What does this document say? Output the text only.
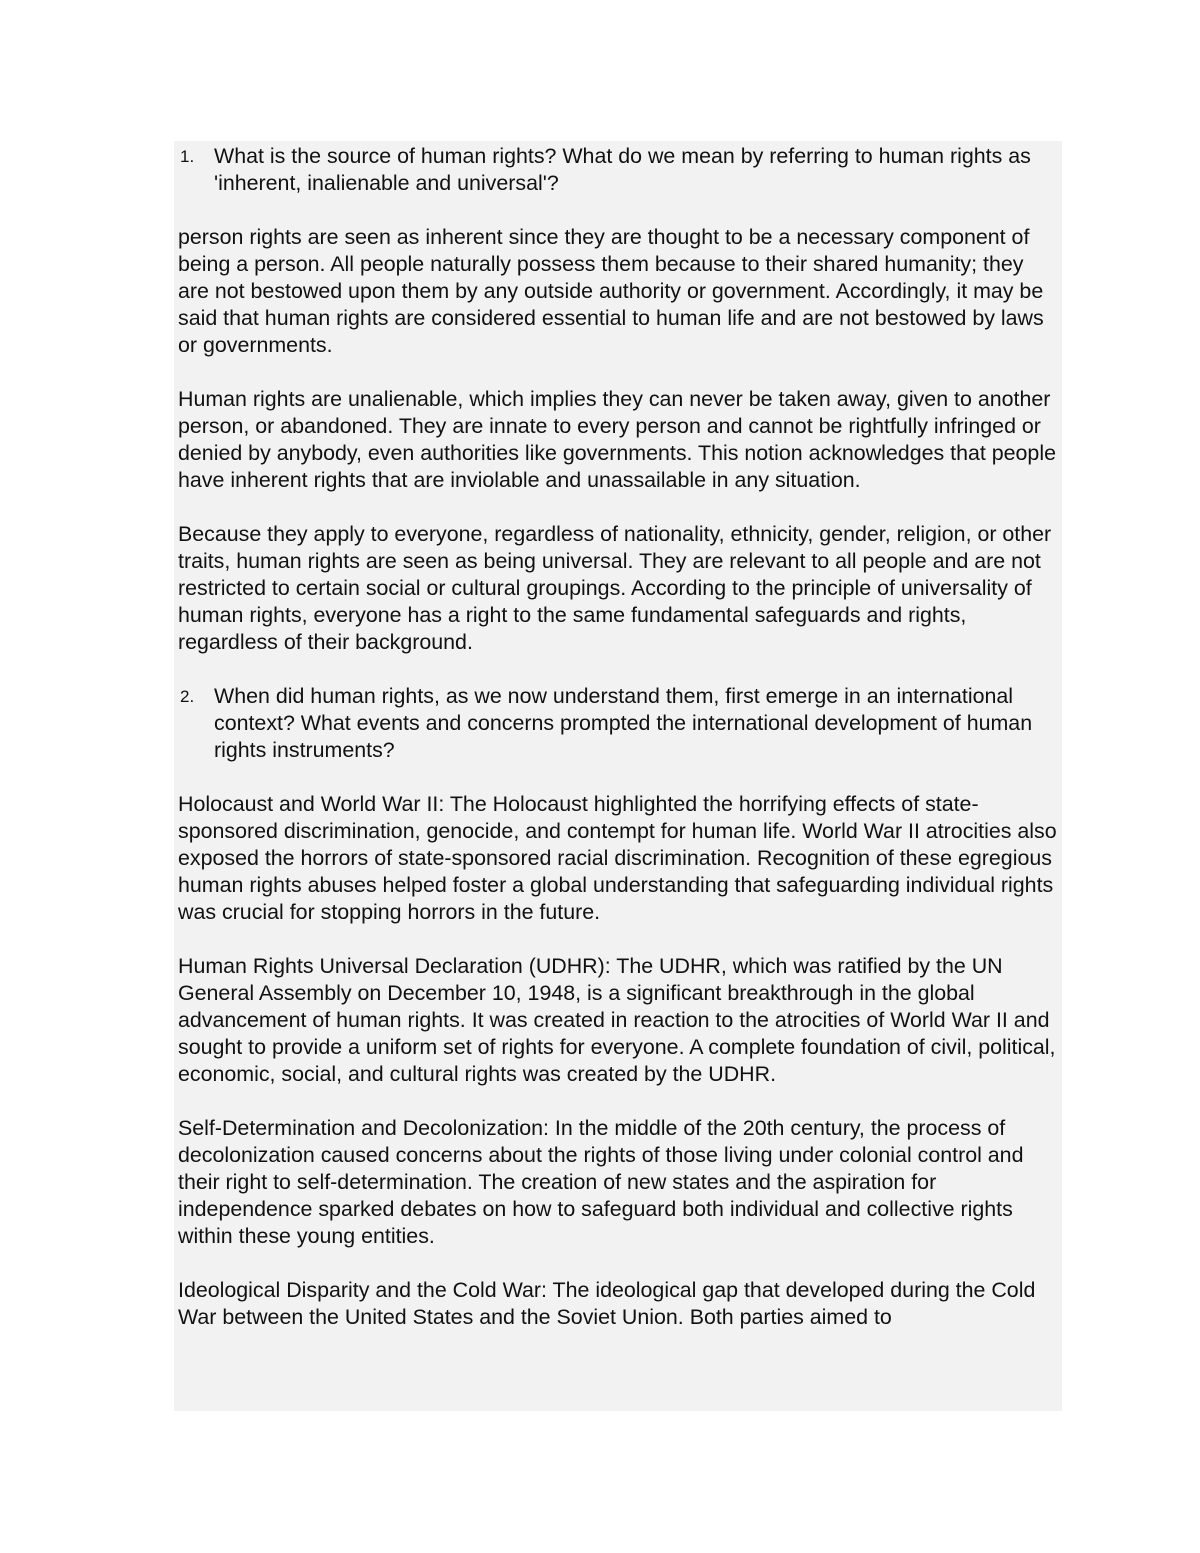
1. What is the source of human rights? What do we mean by referring to human rights as 'inherent, inalienable and universal'?

person rights are seen as inherent since they are thought to be a necessary component of being a person. All people naturally possess them because to their shared humanity; they are not bestowed upon them by any outside authority or government. Accordingly, it may be said that human rights are considered essential to human life and are not bestowed by laws or governments.

Human rights are unalienable, which implies they can never be taken away, given to another person, or abandoned. They are innate to every person and cannot be rightfully infringed or denied by anybody, even authorities like governments. This notion acknowledges that people have inherent rights that are inviolable and unassailable in any situation.

Because they apply to everyone, regardless of nationality, ethnicity, gender, religion, or other traits, human rights are seen as being universal. They are relevant to all people and are not restricted to certain social or cultural groupings. According to the principle of universality of human rights, everyone has a right to the same fundamental safeguards and rights, regardless of their background.

2. When did human rights, as we now understand them, first emerge in an international context? What events and concerns prompted the international development of human rights instruments?

Holocaust and World War II: The Holocaust highlighted the horrifying effects of state-sponsored discrimination, genocide, and contempt for human life. World War II atrocities also exposed the horrors of state-sponsored racial discrimination. Recognition of these egregious human rights abuses helped foster a global understanding that safeguarding individual rights was crucial for stopping horrors in the future.

Human Rights Universal Declaration (UDHR): The UDHR, which was ratified by the UN General Assembly on December 10, 1948, is a significant breakthrough in the global advancement of human rights. It was created in reaction to the atrocities of World War II and sought to provide a uniform set of rights for everyone. A complete foundation of civil, political, economic, social, and cultural rights was created by the UDHR.

Self-Determination and Decolonization: In the middle of the 20th century, the process of decolonization caused concerns about the rights of those living under colonial control and their right to self-determination. The creation of new states and the aspiration for independence sparked debates on how to safeguard both individual and collective rights within these young entities.

Ideological Disparity and the Cold War: The ideological gap that developed during the Cold War between the United States and the Soviet Union. Both parties aimed to
